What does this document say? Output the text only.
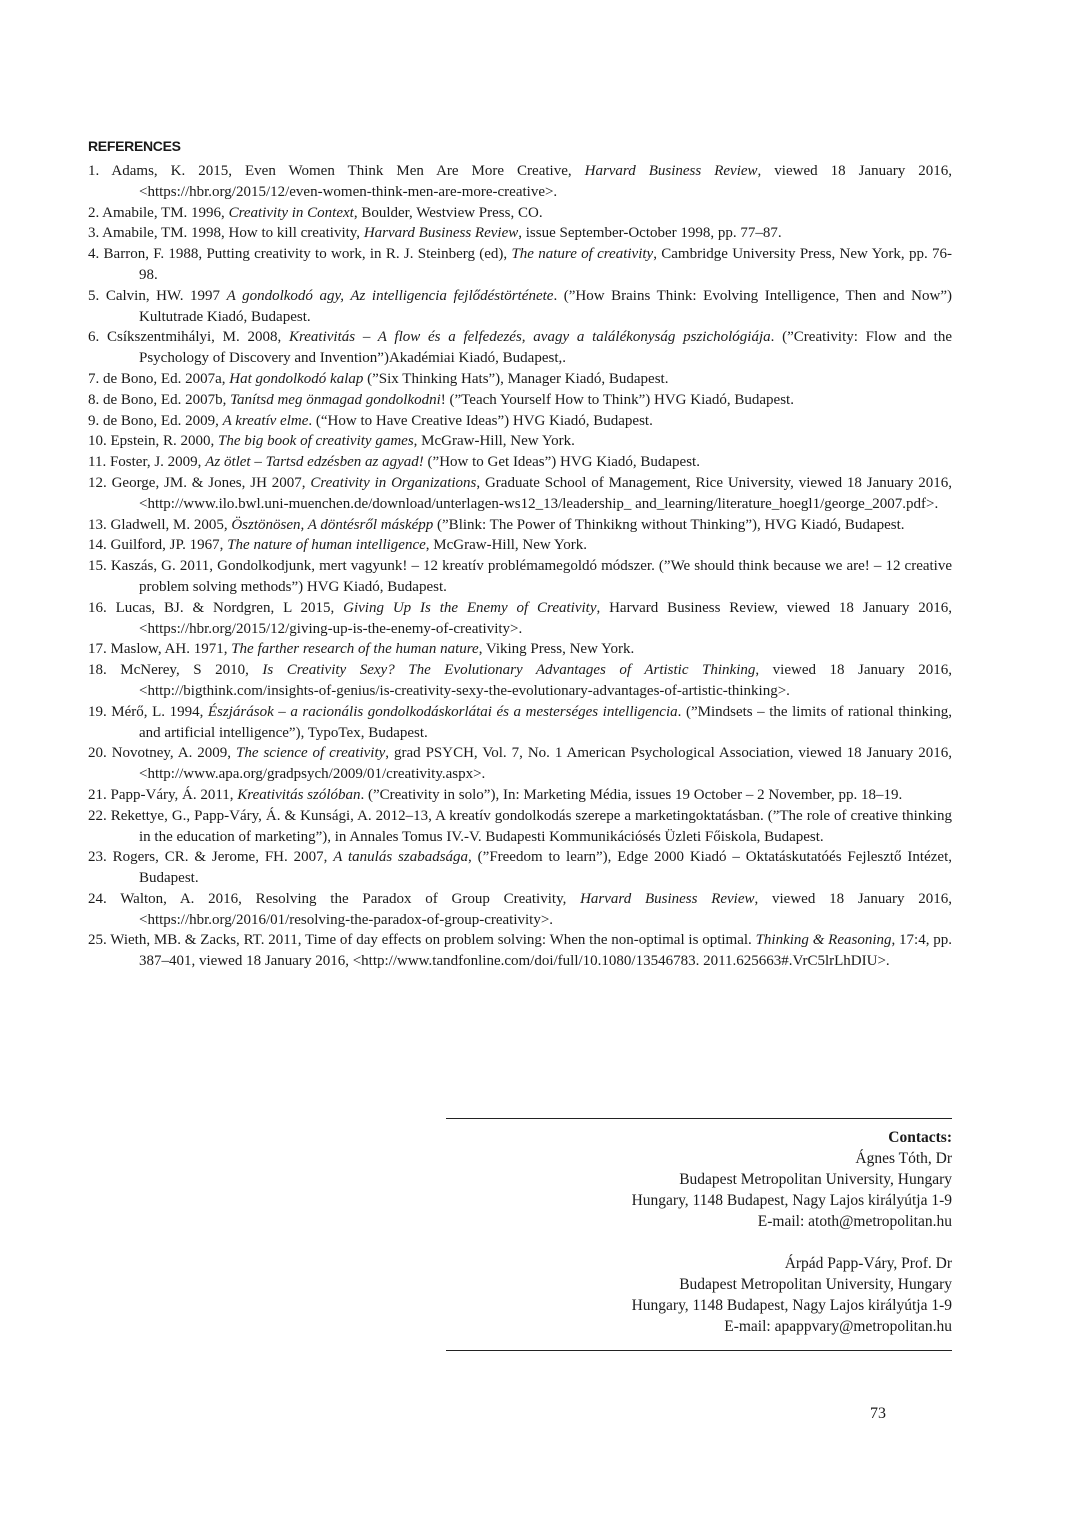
REFERENCES
1. Adams, K. 2015, Even Women Think Men Are More Creative, Harvard Business Review, viewed 18 January 2016, <https://hbr.org/2015/12/even-women-think-men-are-more-creative>.
2. Amabile, TM. 1996, Creativity in Context, Boulder, Westview Press, CO.
3. Amabile, TM. 1998, How to kill creativity, Harvard Business Review, issue September-October 1998, pp. 77–87.
4. Barron, F. 1988, Putting creativity to work, in R. J. Steinberg (ed), The nature of creativity, Cambridge University Press, New York, pp. 76-98.
5. Calvin, HW. 1997 A gondolkodó agy, Az intelligencia fejlődéstörténete. (”How Brains Think: Evolving Intelligence, Then and Now”) Kultutrade Kiadó, Budapest.
6. Csíkszentmihályi, M. 2008, Kreativitás – A flow és a felfedezés, avagy a találékonyság pszichológiája. (”Creativity: Flow and the Psychology of Discovery and Invention”)Akadémiai Kiadó, Budapest,.
7. de Bono, Ed. 2007a, Hat gondolkodó kalap (”Six Thinking Hats”), Manager Kiadó, Budapest.
8. de Bono, Ed. 2007b, Tanítsd meg önmagad gondolkodni! (”Teach Yourself How to Think”) HVG Kiadó, Budapest.
9. de Bono, Ed. 2009, A kreatív elme. (“How to Have Creative Ideas”) HVG Kiadó, Budapest.
10. Epstein, R. 2000, The big book of creativity games, McGraw-Hill, New York.
11. Foster, J. 2009, Az ötlet – Tartsd edzésben az agyad! (”How to Get Ideas”) HVG Kiadó, Budapest.
12. George, JM. & Jones, JH 2007, Creativity in Organizations, Graduate School of Management, Rice University, viewed 18 January 2016, <http://www.ilo.bwl.uni-muenchen.de/download/unterlagen-ws12_13/leadership_ and_learning/literature_hoegl1/george_2007.pdf>.
13. Gladwell, M. 2005, Ösztönösen, A döntésről másképp (”Blink: The Power of Thinkikng without Thinking”), HVG Kiadó, Budapest.
14. Guilford, JP. 1967, The nature of human intelligence, McGraw-Hill, New York.
15. Kaszás, G. 2011, Gondolkodjunk, mert vagyunk! – 12 kreatív problémamegoldó módszer. (”We should think because we are! – 12 creative problem solving methods”) HVG Kiadó, Budapest.
16. Lucas, BJ. & Nordgren, L 2015, Giving Up Is the Enemy of Creativity, Harvard Business Review, viewed 18 January 2016, <https://hbr.org/2015/12/giving-up-is-the-enemy-of-creativity>.
17. Maslow, AH. 1971, The farther research of the human nature, Viking Press, New York.
18. McNerey, S 2010, Is Creativity Sexy? The Evolutionary Advantages of Artistic Thinking, viewed 18 January 2016, <http://bigthink.com/insights-of-genius/is-creativity-sexy-the-evolutionary-advantages-of-artistic-thinking>.
19. Mérő, L. 1994, Észjárások – a racionális gondolkodáskorlátai és a mesterséges intelligencia. (”Mindsets – the limits of rational thinking, and artificial intelligence”), TypoTex, Budapest.
20. Novotney, A. 2009, The science of creativity, grad PSYCH, Vol. 7, No. 1 American Psychological Association, viewed 18 January 2016, <http://www.apa.org/gradpsych/2009/01/creativity.aspx>.
21. Papp-Váry, Á. 2011, Kreativitás szólóban. (”Creativity in solo”), In: Marketing Média, issues 19 October – 2 November, pp. 18–19.
22. Rekettye, G., Papp-Váry, Á. & Kunsági, A. 2012–13, A kreatív gondolkodás szerepe a marketingoktatásban. (”The role of creative thinking in the education of marketing”), in Annales Tomus IV.-V. Budapesti Kommunikációsés Üzleti Főiskola, Budapest.
23. Rogers, CR. & Jerome, FH. 2007, A tanulás szabadsága, (”Freedom to learn”), Edge 2000 Kiadó – Oktatáskutatóés Fejlesztő Intézet, Budapest.
24. Walton, A. 2016, Resolving the Paradox of Group Creativity, Harvard Business Review, viewed 18 January 2016, <https://hbr.org/2016/01/resolving-the-paradox-of-group-creativity>.
25. Wieth, MB. & Zacks, RT. 2011, Time of day effects on problem solving: When the non-optimal is optimal. Thinking & Reasoning, 17:4, pp. 387–401, viewed 18 January 2016, <http://www.tandfonline.com/doi/full/10.1080/13546783. 2011.625663#.VrC5lrLhDIU>.
Contacts:
Ágnes Tóth, Dr
Budapest Metropolitan University, Hungary
Hungary, 1148 Budapest, Nagy Lajos királyútja 1-9
E-mail: atoth@metropolitan.hu
Árpád Papp-Váry, Prof. Dr
Budapest Metropolitan University, Hungary
Hungary, 1148 Budapest, Nagy Lajos királyútja 1-9
E-mail: apappvary@metropolitan.hu
73
